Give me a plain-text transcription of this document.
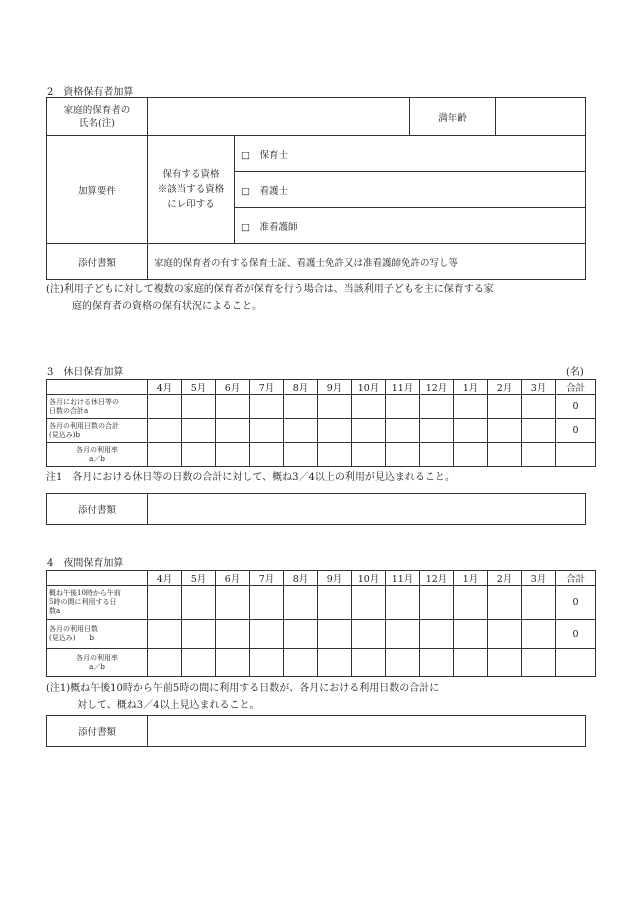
2　資格保有者加算
家庭的保育者の
氏名(注)			満年齢	
加算要件	保有する資格
※該当する資格
にレ印する	□　保育士		
		□　看護士		
		□　准看護師		
添付書類	家庭的保育者の有する保育士証、看護士免許又は准看護師免許の写し等			
(注)利用子どもに対して複数の家庭的保育者が保育を行う場合は、当該利用子どもを主に保育する家
庭的保育者の資格の保有状況によること。
3　休日保育加算	(名)
	4月	5月	6月	7月	8月	9月	10月	11月	12月	1月	2月	3月	合計

各月における休日等の
日数の合計a													0

各月の利用日数の合計
(見込み)b													0

各月の利用率
a／b													

注1　各月における休日等の日数の合計に対して、概ね3／4以上の利用が見込まれること。
添付書類	
4　夜間保育加算
	4月	5月	6月	7月	8月	9月	10月	11月	12月	1月	2月	3月	合計

概ね午後10時から午前
5時の間に利用する日
数a													0

各月の利用日数
(見込み)　　b													0

各月の利用率
a／b													

(注1)概ね午後10時から午前5時の間に利用する日数が、各月における利用日数の合計に
対して、概ね3／4以上見込まれること。
添付書類	
